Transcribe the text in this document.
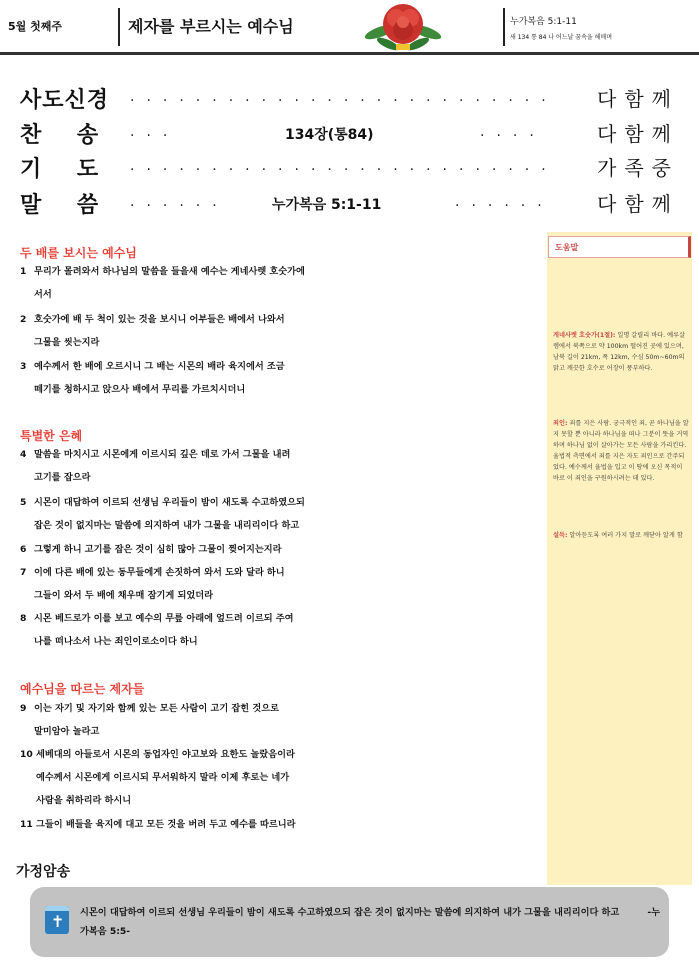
5월 첫째주	제자를 부르시는 예수님	누가복음 5:1-11
새 134 통 84 나 어느날 꿈속을 헤매며
사도신경 ··························	다함께
찬    송 ···	134장(통84)	····	다함께
기    도 ··························	가족중
말    씀 ······	누가복음 5:1-11	······	다함께
도움말
게네사렛 호숫가(1절): 일명 갈릴리 바다. 예루살렘에서 북쪽으로 약 100km 떨어진 곳에 있으며, 남북 길이 21km, 폭 12km, 수심 50m~60m의 맑고 깨끗한 호수로 어장이 풍부하다.
죄인: 죄를 지은 사람. 궁극적인 죄, 곧 하나님을 알지 못할 뿐 아니라 하나님을 떠나 그분이 뜻을 거역하며 하나님 없이 살아가는 모든 사람을 가리킨다. 율법적 측면에서 죄를 지은 자도 죄인으로 간주되었다. 예수께서 율법을 입고 이 땅에 오신 목적이 바로 이 죄인을 구원하시려는 데 있다.
설득: 알아듣도록 여러 가지 말로 깨닫아 알게 함
두 배를 보시는 예수님
1 무리가 몰려와서 하나님의 말씀을 들을새 예수는 게네사렛 호숫가에
서서
2 호숫가에 배 두 척이 있는 것을 보시니 어부들은 배에서 나와서
그물을 씻는지라
3 예수께서 한 배에 오르시니 그 배는 시몬의 배라 육지에서 조금
떼기를 청하시고 앉으사 배에서 무리를 가르치시더니
특별한 은혜
4 말씀을 마치시고 시몬에게 이르시되 깊은 데로 가서 그물을 내려
고기를 잡으라
5 시몬이 대답하여 이르되 선생님 우리들이 밤이 새도록 수고하였으되
잡은 것이 없지마는 말씀에 의지하여 내가 그물을 내리리이다 하고
6 그렇게 하니 고기를 잡은 것이 심히 많아 그물이 찢어지는지라
7 이에 다른 배에 있는 동무들에게 손짓하여 와서 도와 달라 하니
그들이 와서 두 배에 채우매 잠기게 되었더라
8 시몬 베드로가 이를 보고 예수의 무릎 아래에 엎드려 이르되 주여
나를 떠나소서 나는 죄인이로소이다 하니
예수님을 따르는 제자들
9 이는 자기 및 자기와 함께 있는 모든 사람이 고기 잡힌 것으로
말미암아 놀라고
10 세베대의 아들로서 시몬의 동업자인 야고보와 요한도 놀랐음이라
예수께서 시몬에게 이르시되 무서워하지 말라 이제 후로는 네가
사람을 취하리라 하시니
11 그들이 배들을 육지에 대고 모든 것을 버려 두고 예수를 따르니라
가정암송
✝ 시몬이 대답하여 이르되 선생님 우리들이 밤이 새도록 수고하였으되 잡은 것이 없지마는 말씀에 의지하여 내가 그물을 내리리이다 하고	-누가복음 5:5-
